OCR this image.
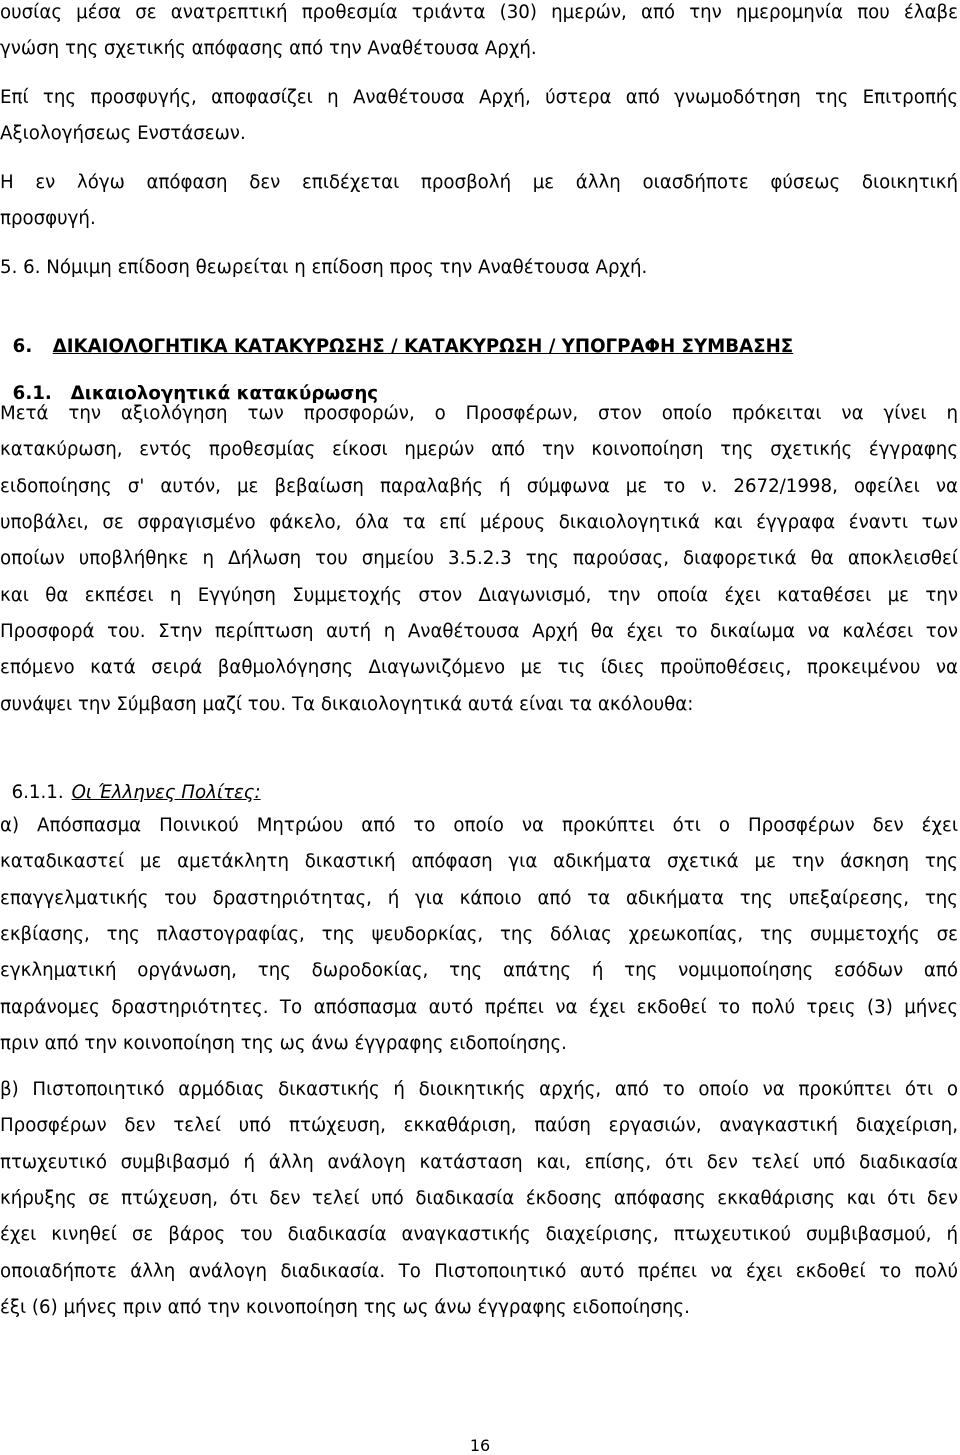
ουσίας μέσα σε ανατρεπτική προθεσμία τριάντα (30) ημερών, από την ημερομηνία που έλαβε
γνώση της σχετικής απόφασης από την Αναθέτουσα Αρχή.
Επί της προσφυγής, αποφασίζει η Αναθέτουσα Αρχή, ύστερα από γνωμοδότηση της Επιτροπής
Αξιολογήσεως Ενστάσεων.
Η εν λόγω απόφαση δεν επιδέχεται προσβολή με άλλη οιασδήποτε φύσεως διοικητική
προσφυγή.
5. 6. Νόμιμη επίδοση θεωρείται η επίδοση προς την Αναθέτουσα Αρχή.

6. ΔΙΚΑΙΟΛΟΓΗΤΙΚΑ ΚΑΤΑΚΥΡΩΣΗΣ / ΚΑΤΑΚΥΡΩΣΗ / ΥΠΟΓΡΑΦΗ ΣΥΜΒΑΣΗΣ

6.1. Δικαιολογητικά κατακύρωσης

Μετά την αξιολόγηση των προσφορών, ο Προσφέρων, στον οποίο πρόκειται να γίνει η
κατακύρωση, εντός προθεσμίας είκοσι ημερών από την κοινοποίηση της σχετικής έγγραφης
ειδοποίησης σ' αυτόν, με βεβαίωση παραλαβής ή σύμφωνα με το ν. 2672/1998, οφείλει να
υποβάλει, σε σφραγισμένο φάκελο, όλα τα επί μέρους δικαιολογητικά και έγγραφα έναντι των
οποίων υποβλήθηκε η Δήλωση του σημείου 3.5.2.3 της παρούσας, διαφορετικά θα αποκλεισθεί
και θα εκπέσει η Εγγύηση Συμμετοχής στον Διαγωνισμό, την οποία έχει καταθέσει με την
Προσφορά του. Στην περίπτωση αυτή η Αναθέτουσα Αρχή θα έχει το δικαίωμα να καλέσει τον
επόμενο κατά σειρά βαθμολόγησης Διαγωνιζόμενο με τις ίδιες προϋποθέσεις, προκειμένου να
συνάψει την Σύμβαση μαζί του. Τα δικαιολογητικά αυτά είναι τα ακόλουθα:

6.1.1. Οι Έλληνες Πολίτες:

α) Απόσπασμα Ποινικού Μητρώου από το οποίο να προκύπτει ότι ο Προσφέρων δεν έχει
καταδικαστεί με αμετάκλητη δικαστική απόφαση για αδικήματα σχετικά με την άσκηση της
επαγγελματικής του δραστηριότητας, ή για κάποιο από τα αδικήματα της υπεξαίρεσης, της
εκβίασης, της πλαστογραφίας, της ψευδορκίας, της δόλιας χρεωκοπίας, της συμμετοχής σε
εγκληματική οργάνωση, της δωροδοκίας, της απάτης ή της νομιμοποίησης εσόδων από
παράνομες δραστηριότητες. Το απόσπασμα αυτό πρέπει να έχει εκδοθεί το πολύ τρεις (3) μήνες
πριν από την κοινοποίηση της ως άνω έγγραφης ειδοποίησης.
β) Πιστοποιητικό αρμόδιας δικαστικής ή διοικητικής αρχής, από το οποίο να προκύπτει ότι ο
Προσφέρων δεν τελεί υπό πτώχευση, εκκαθάριση, παύση εργασιών, αναγκαστική διαχείριση,
πτωχευτικό συμβιβασμό ή άλλη ανάλογη κατάσταση και, επίσης, ότι δεν τελεί υπό διαδικασία
κήρυξης σε πτώχευση, ότι δεν τελεί υπό διαδικασία έκδοσης απόφασης εκκαθάρισης και ότι δεν
έχει κινηθεί σε βάρος του διαδικασία αναγκαστικής διαχείρισης, πτωχευτικού συμβιβασμού, ή
οποιαδήποτε άλλη ανάλογη διαδικασία. Το Πιστοποιητικό αυτό πρέπει να έχει εκδοθεί το πολύ
έξι (6) μήνες πριν από την κοινοποίηση της ως άνω έγγραφης ειδοποίησης.
16
